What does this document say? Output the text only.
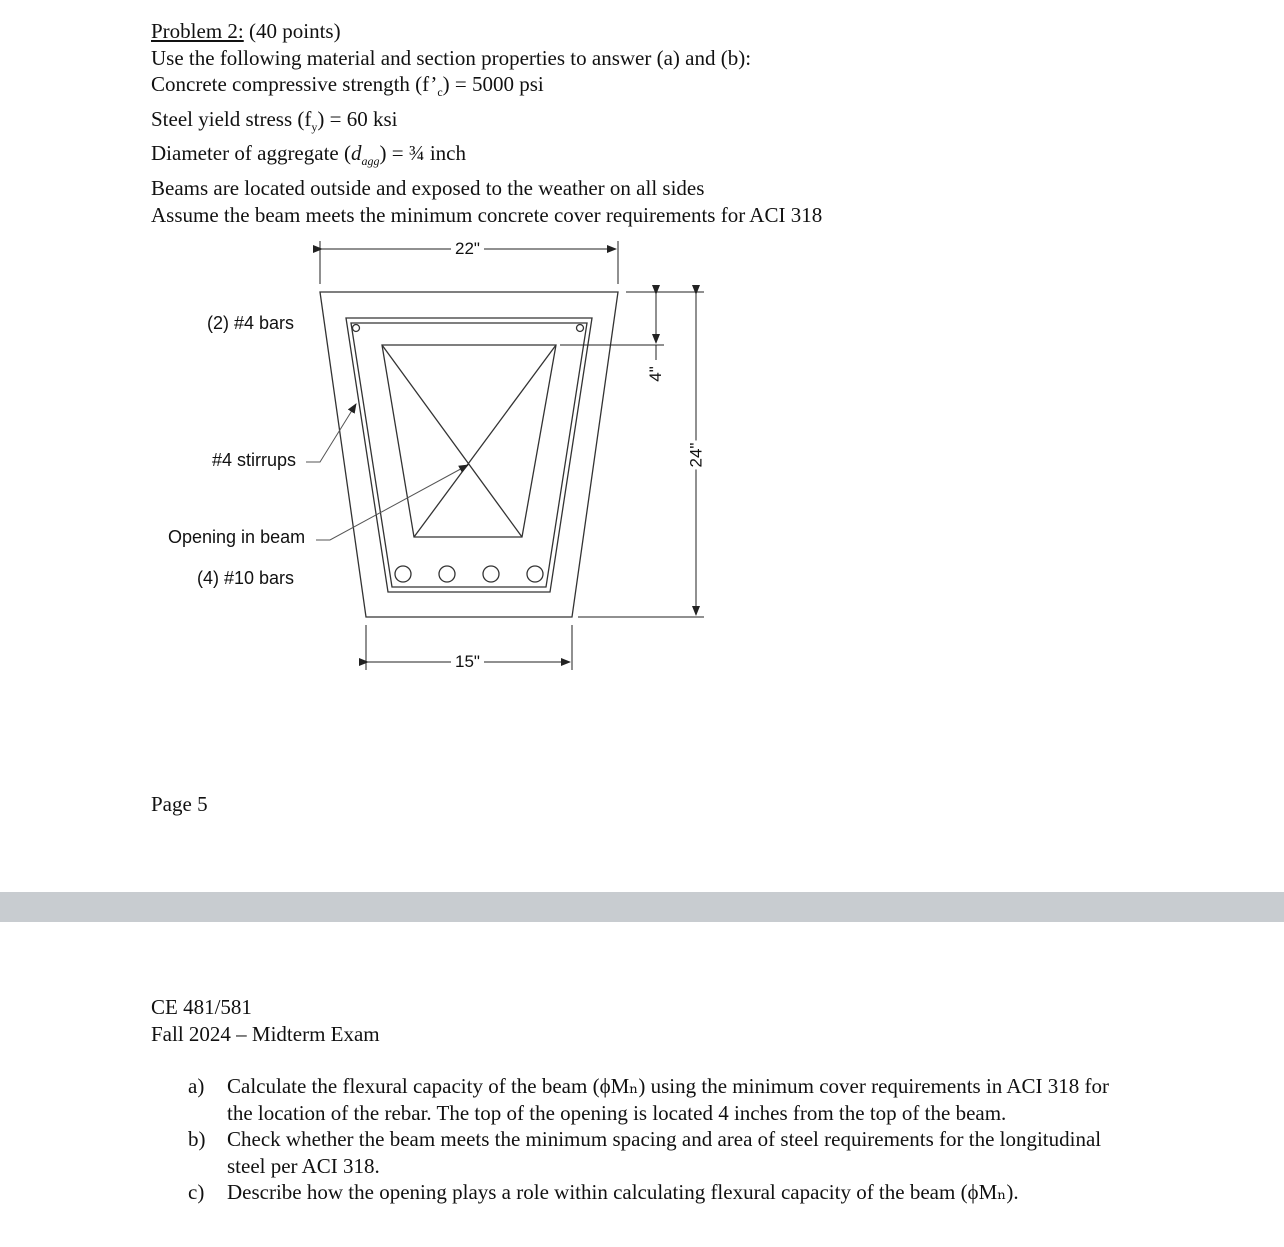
Problem 2: (40 points)
Use the following material and section properties to answer (a) and (b):
Concrete compressive strength $(f’_c) = 5000$ psi
Steel yield stress $(f_y) = 60$ ksi
Diameter of aggregate $(d_{agg})$ = ¾ inch
Beams are located outside and exposed to the weather on all sides
Assume the beam meets the minimum concrete cover requirements for ACI 318
(2) #4 bars
#4 stirrups
Opening in beam
(4) #10 bars
22"
15"
4"
24"
Page 5
CE 481/581
Fall 2024 – Midterm Exam
a)	Calculate the flexural capacity of the beam (ϕMₙ) using the minimum cover requirements in ACI 318 for the location of the rebar. The top of the opening is located 4 inches from the top of the beam.
b)	Check whether the beam meets the minimum spacing and area of steel requirements for the longitudinal steel per ACI 318.
c)	Describe how the opening plays a role within calculating flexural capacity of the beam (ϕMₙ).
